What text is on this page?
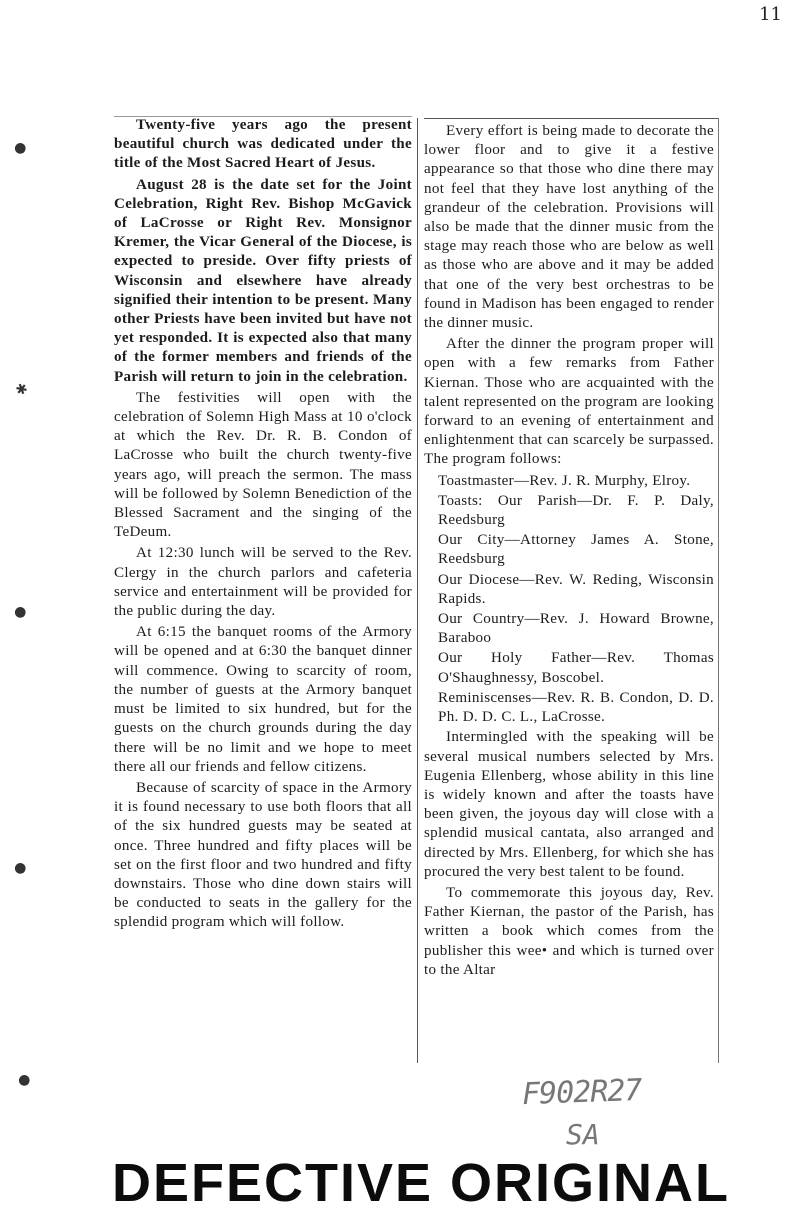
11
●
✱
●
●
●

Twenty-five years ago the present beautiful church was dedicated under the title of the Most Sacred Heart of Jesus.

August 28 is the date set for the Joint Celebration, Right Rev. Bishop McGavick of LaCrosse or Right Rev. Monsignor Kremer, the Vicar General of the Diocese, is expected to preside. Over fifty priests of Wisconsin and elsewhere have already signified their intention to be present. Many other Priests have been invited but have not yet responded. It is expected also that many of the former members and friends of the Parish will return to join in the celebration.

The festivities will open with the celebration of Solemn High Mass at 10 o'clock at which the Rev. Dr. R. B. Condon of LaCrosse who built the church twenty-five years ago, will preach the sermon. The mass will be followed by Solemn Benediction of the Blessed Sacrament and the singing of the TeDeum.

At 12:30 lunch will be served to the Rev. Clergy in the church parlors and cafeteria service and entertainment will be provided for the public during the day.

At 6:15 the banquet rooms of the Armory will be opened and at 6:30 the banquet dinner will commence. Owing to scarcity of room, the number of guests at the Armory banquet must be limited to six hundred, but for the guests on the church grounds during the day there will be no limit and we hope to meet there all our friends and fellow citizens.

Because of scarcity of space in the Armory it is found necessary to use both floors that all of the six hundred guests may be seated at once. Three hundred and fifty places will be set on the first floor and two hundred and fifty downstairs. Those who dine down stairs will be conducted to seats in the gallery for the splendid program which will follow.

Every effort is being made to decorate the lower floor and to give it a festive appearance so that those who dine there may not feel that they have lost anything of the grandeur of the celebration. Provisions will also be made that the dinner music from the stage may reach those who are below as well as those who are above and it may be added that one of the very best orchestras to be found in Madison has been engaged to render the dinner music.

After the dinner the program proper will open with a few remarks from Father Kiernan. Those who are acquainted with the talent represented on the program are looking forward to an evening of entertainment and enlightenment that can scarcely be surpassed. The program follows:

Toastmaster—Rev. J. R. Murphy, Elroy.

Toasts: Our Parish—Dr. F. P. Daly, Reedsburg

Our City—Attorney James A. Stone, Reedsburg

Our Diocese—Rev. W. Reding, Wisconsin Rapids.

Our Country—Rev. J. Howard Browne, Baraboo

Our Holy Father—Rev. Thomas O'Shaughnessy, Boscobel.

Reminiscenses—Rev. R. B. Condon, D. D. Ph. D. D. C. L., LaCrosse.

Intermingled with the speaking will be several musical numbers selected by Mrs. Eugenia Ellenberg, whose ability in this line is widely known and after the toasts have been given, the joyous day will close with a splendid musical cantata, also arranged and directed by Mrs. Ellenberg, for which she has procured the very best talent to be found.

To commemorate this joyous day, Rev. Father Kiernan, the pastor of the Parish, has written a book which comes from the publisher this wee• and which is turned over to the Altar

F902R27
SA
DEFECTIVE ORIGINAL
